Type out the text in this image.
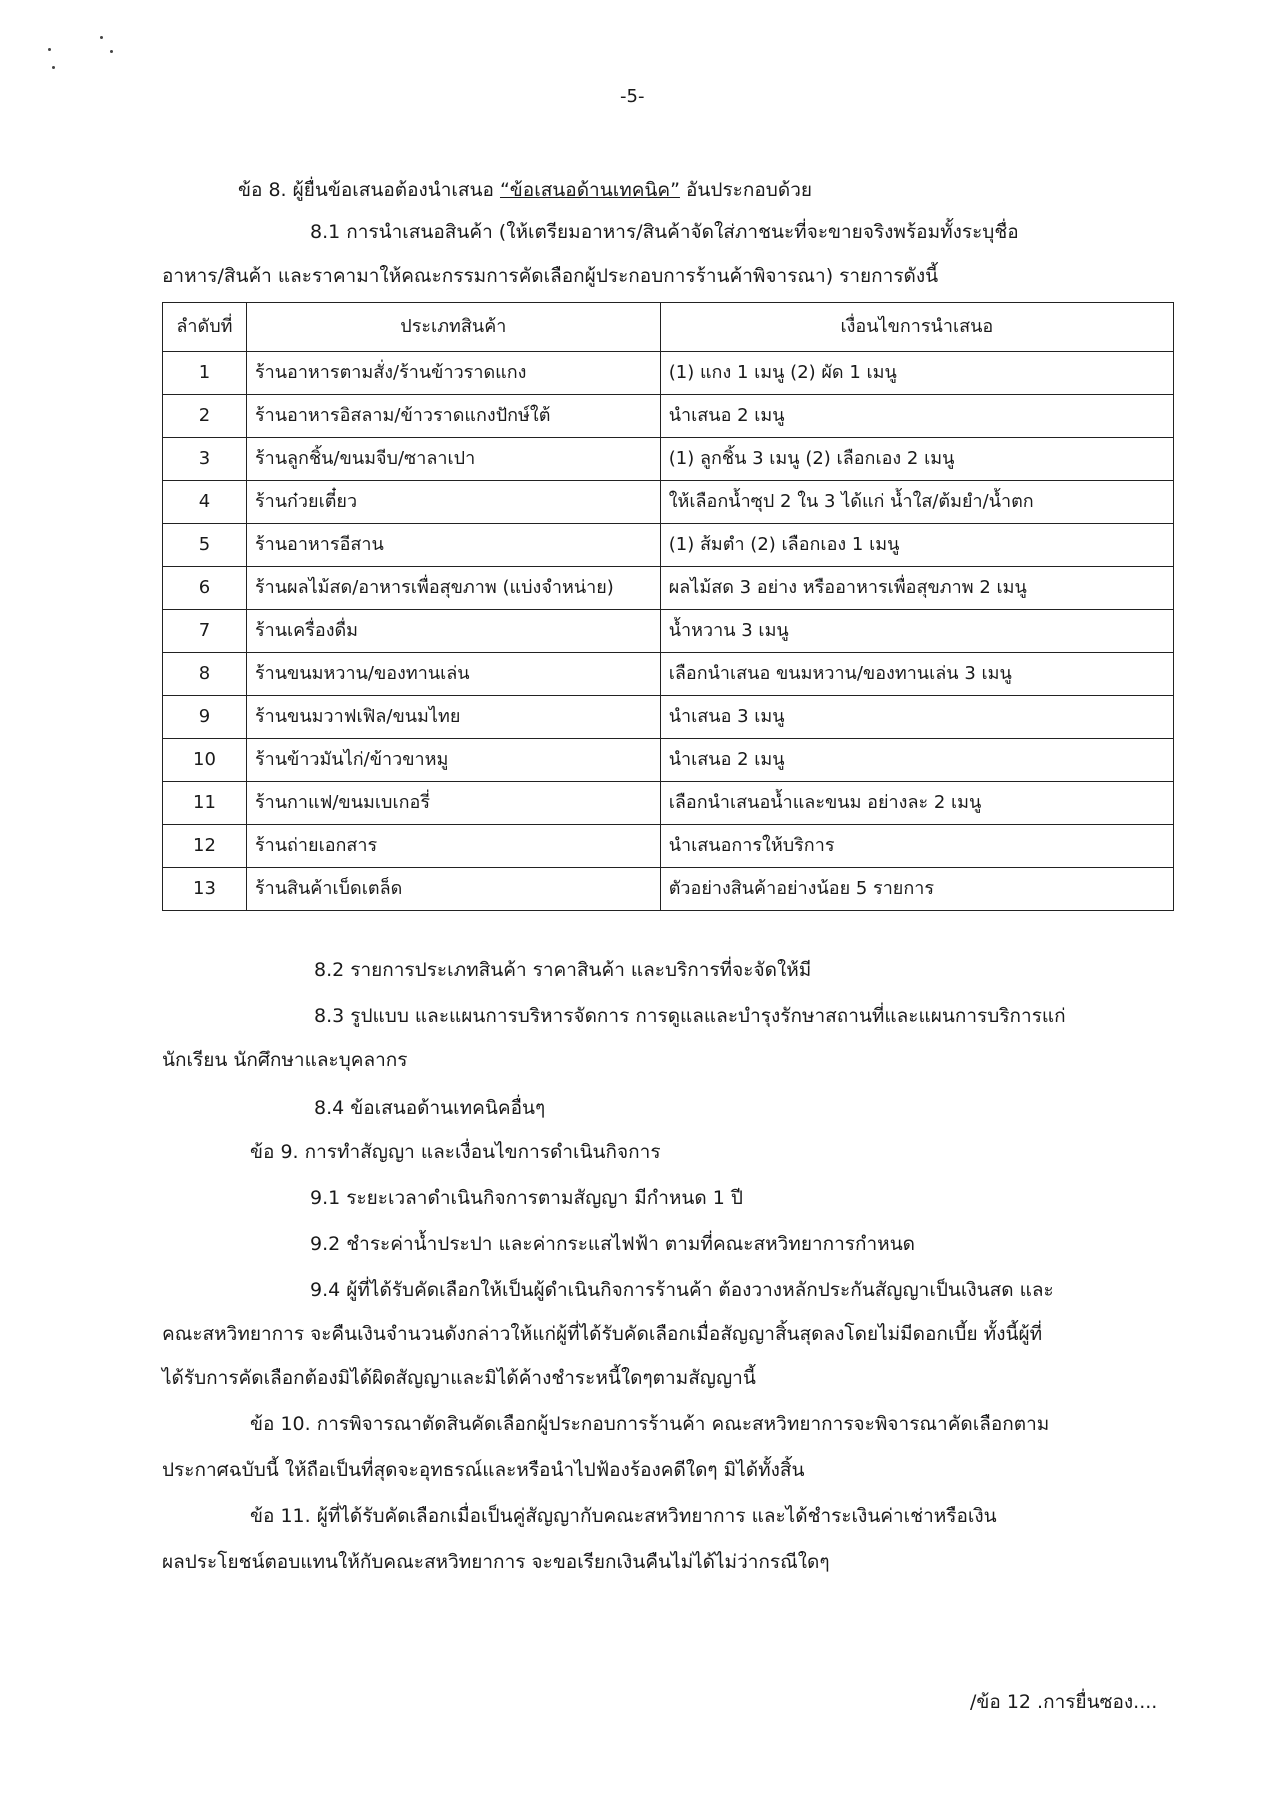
-5-
ข้อ 8. ผู้ยื่นข้อเสนอต้องนำเสนอ “ข้อเสนอด้านเทคนิค” อันประกอบด้วย
8.1 การนำเสนอสินค้า (ให้เตรียมอาหาร/สินค้าจัดใส่ภาชนะที่จะขายจริงพร้อมทั้งระบุชื่อ
อาหาร/สินค้า และราคามาให้คณะกรรมการคัดเลือกผู้ประกอบการร้านค้าพิจารณา) รายการดังนี้
ลำดับที่	ประเภทสินค้า	เงื่อนไขการนำเสนอ
1	ร้านอาหารตามสั่ง/ร้านข้าวราดแกง	(1) แกง 1 เมนู (2) ผัด 1 เมนู
2	ร้านอาหารอิสลาม/ข้าวราดแกงปักษ์ใต้	นำเสนอ 2 เมนู
3	ร้านลูกชิ้น/ขนมจีบ/ซาลาเปา	(1) ลูกชิ้น 3 เมนู (2) เลือกเอง 2 เมนู
4	ร้านก๋วยเตี๋ยว	ให้เลือกน้ำซุป 2 ใน 3 ได้แก่ น้ำใส/ต้มยำ/น้ำตก
5	ร้านอาหารอีสาน	(1) ส้มตำ (2) เลือกเอง 1 เมนู
6	ร้านผลไม้สด/อาหารเพื่อสุขภาพ (แบ่งจำหน่าย)	ผลไม้สด 3 อย่าง หรืออาหารเพื่อสุขภาพ 2 เมนู
7	ร้านเครื่องดื่ม	น้ำหวาน 3 เมนู
8	ร้านขนมหวาน/ของทานเล่น	เลือกนำเสนอ ขนมหวาน/ของทานเล่น 3 เมนู
9	ร้านขนมวาฟเฟิล/ขนมไทย	นำเสนอ 3 เมนู
10	ร้านข้าวมันไก่/ข้าวขาหมู	นำเสนอ 2 เมนู
11	ร้านกาแฟ/ขนมเบเกอรี่	เลือกนำเสนอน้ำและขนม อย่างละ 2 เมนู
12	ร้านถ่ายเอกสาร	นำเสนอการให้บริการ
13	ร้านสินค้าเบ็ดเตล็ด	ตัวอย่างสินค้าอย่างน้อย 5 รายการ
8.2 รายการประเภทสินค้า ราคาสินค้า และบริการที่จะจัดให้มี
8.3 รูปแบบ และแผนการบริหารจัดการ การดูแลและบำรุงรักษาสถานที่และแผนการบริการแก่
นักเรียน นักศึกษาและบุคลากร
8.4 ข้อเสนอด้านเทคนิคอื่นๆ
ข้อ 9. การทำสัญญา และเงื่อนไขการดำเนินกิจการ
9.1 ระยะเวลาดำเนินกิจการตามสัญญา มีกำหนด 1 ปี
9.2 ชำระค่าน้ำประปา และค่ากระแสไฟฟ้า ตามที่คณะสหวิทยาการกำหนด
9.4 ผู้ที่ได้รับคัดเลือกให้เป็นผู้ดำเนินกิจการร้านค้า ต้องวางหลักประกันสัญญาเป็นเงินสด และ
คณะสหวิทยาการ จะคืนเงินจำนวนดังกล่าวให้แก่ผู้ที่ได้รับคัดเลือกเมื่อสัญญาสิ้นสุดลงโดยไม่มีดอกเบี้ย ทั้งนี้ผู้ที่
ได้รับการคัดเลือกต้องมิได้ผิดสัญญาและมิได้ค้างชำระหนี้ใดๆตามสัญญานี้
ข้อ 10. การพิจารณาตัดสินคัดเลือกผู้ประกอบการร้านค้า คณะสหวิทยาการจะพิจารณาคัดเลือกตาม
ประกาศฉบับนี้ ให้ถือเป็นที่สุดจะอุทธรณ์และหรือนำไปฟ้องร้องคดีใดๆ มิได้ทั้งสิ้น
ข้อ 11. ผู้ที่ได้รับคัดเลือกเมื่อเป็นคู่สัญญากับคณะสหวิทยาการ และได้ชำระเงินค่าเช่าหรือเงิน
ผลประโยชน์ตอบแทนให้กับคณะสหวิทยาการ จะขอเรียกเงินคืนไม่ได้ไม่ว่ากรณีใดๆ
/ข้อ 12 .การยื่นซอง....
